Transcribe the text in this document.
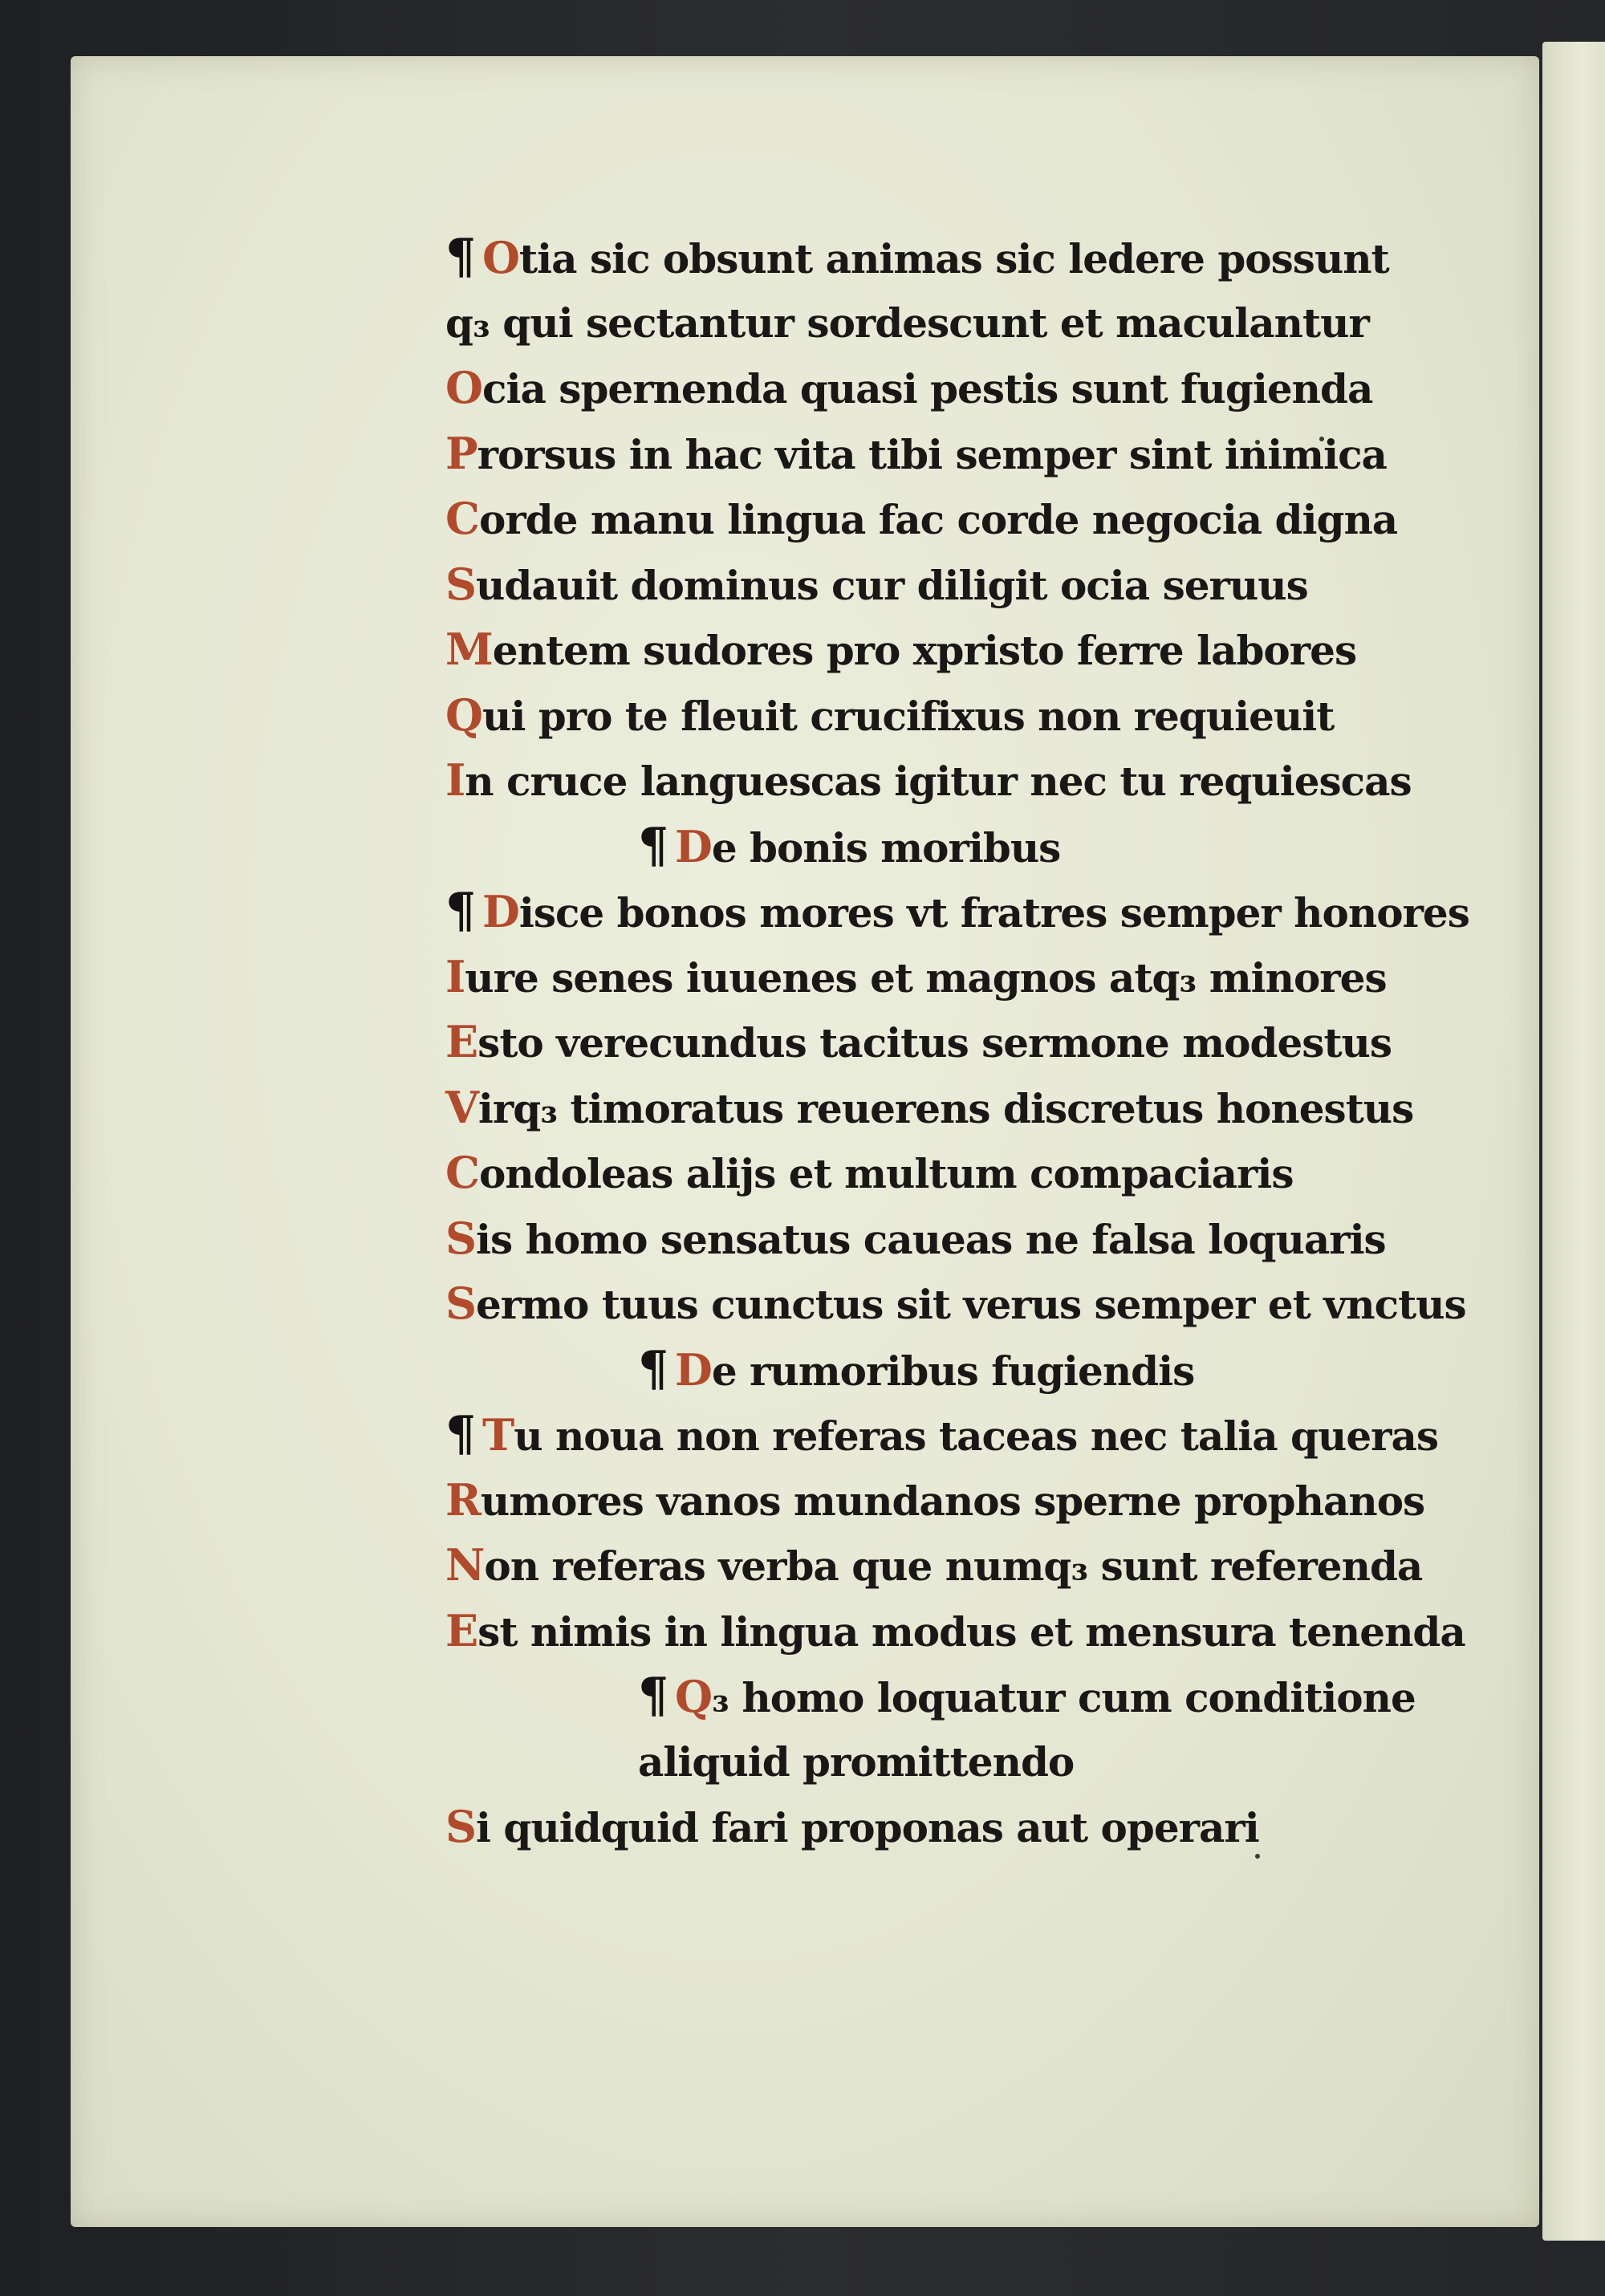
¶ Otia sic obsunt animas sic ledere possunt
q₃ qui sectantur sordescunt et maculantur
Ocia spernenda quasi pestis sunt fugienda
Prorsus in hac vita tibi semper sint inimica
Corde manu lingua fac corde negocia digna
Sudauit dominus cur diligit ocia seruus
Mentem sudores pro xpristo ferre labores
Qui pro te fleuit crucifixus non requieuit
In cruce languescas igitur nec tu requiescas
¶ De bonis moribus
¶ Disce bonos mores vt fratres semper honores
Iure senes iuuenes et magnos atq₃ minores
Esto verecundus tacitus sermone modestus
Virq₃ timoratus reuerens discretus honestus
Condoleas alijs et multum compaciaris
Sis homo sensatus caueas ne falsa loquaris
Sermo tuus cunctus sit verus semper et vnctus
¶ De rumoribus fugiendis
¶ Tu noua non referas taceas nec talia queras
Rumores vanos mundanos sperne prophanos
Non referas verba que numq₃ sunt referenda
Est nimis in lingua modus et mensura tenenda
¶ Q₃ homo loquatur cum conditione
aliquid promittendo
Si quidquid fari proponas aut operari
